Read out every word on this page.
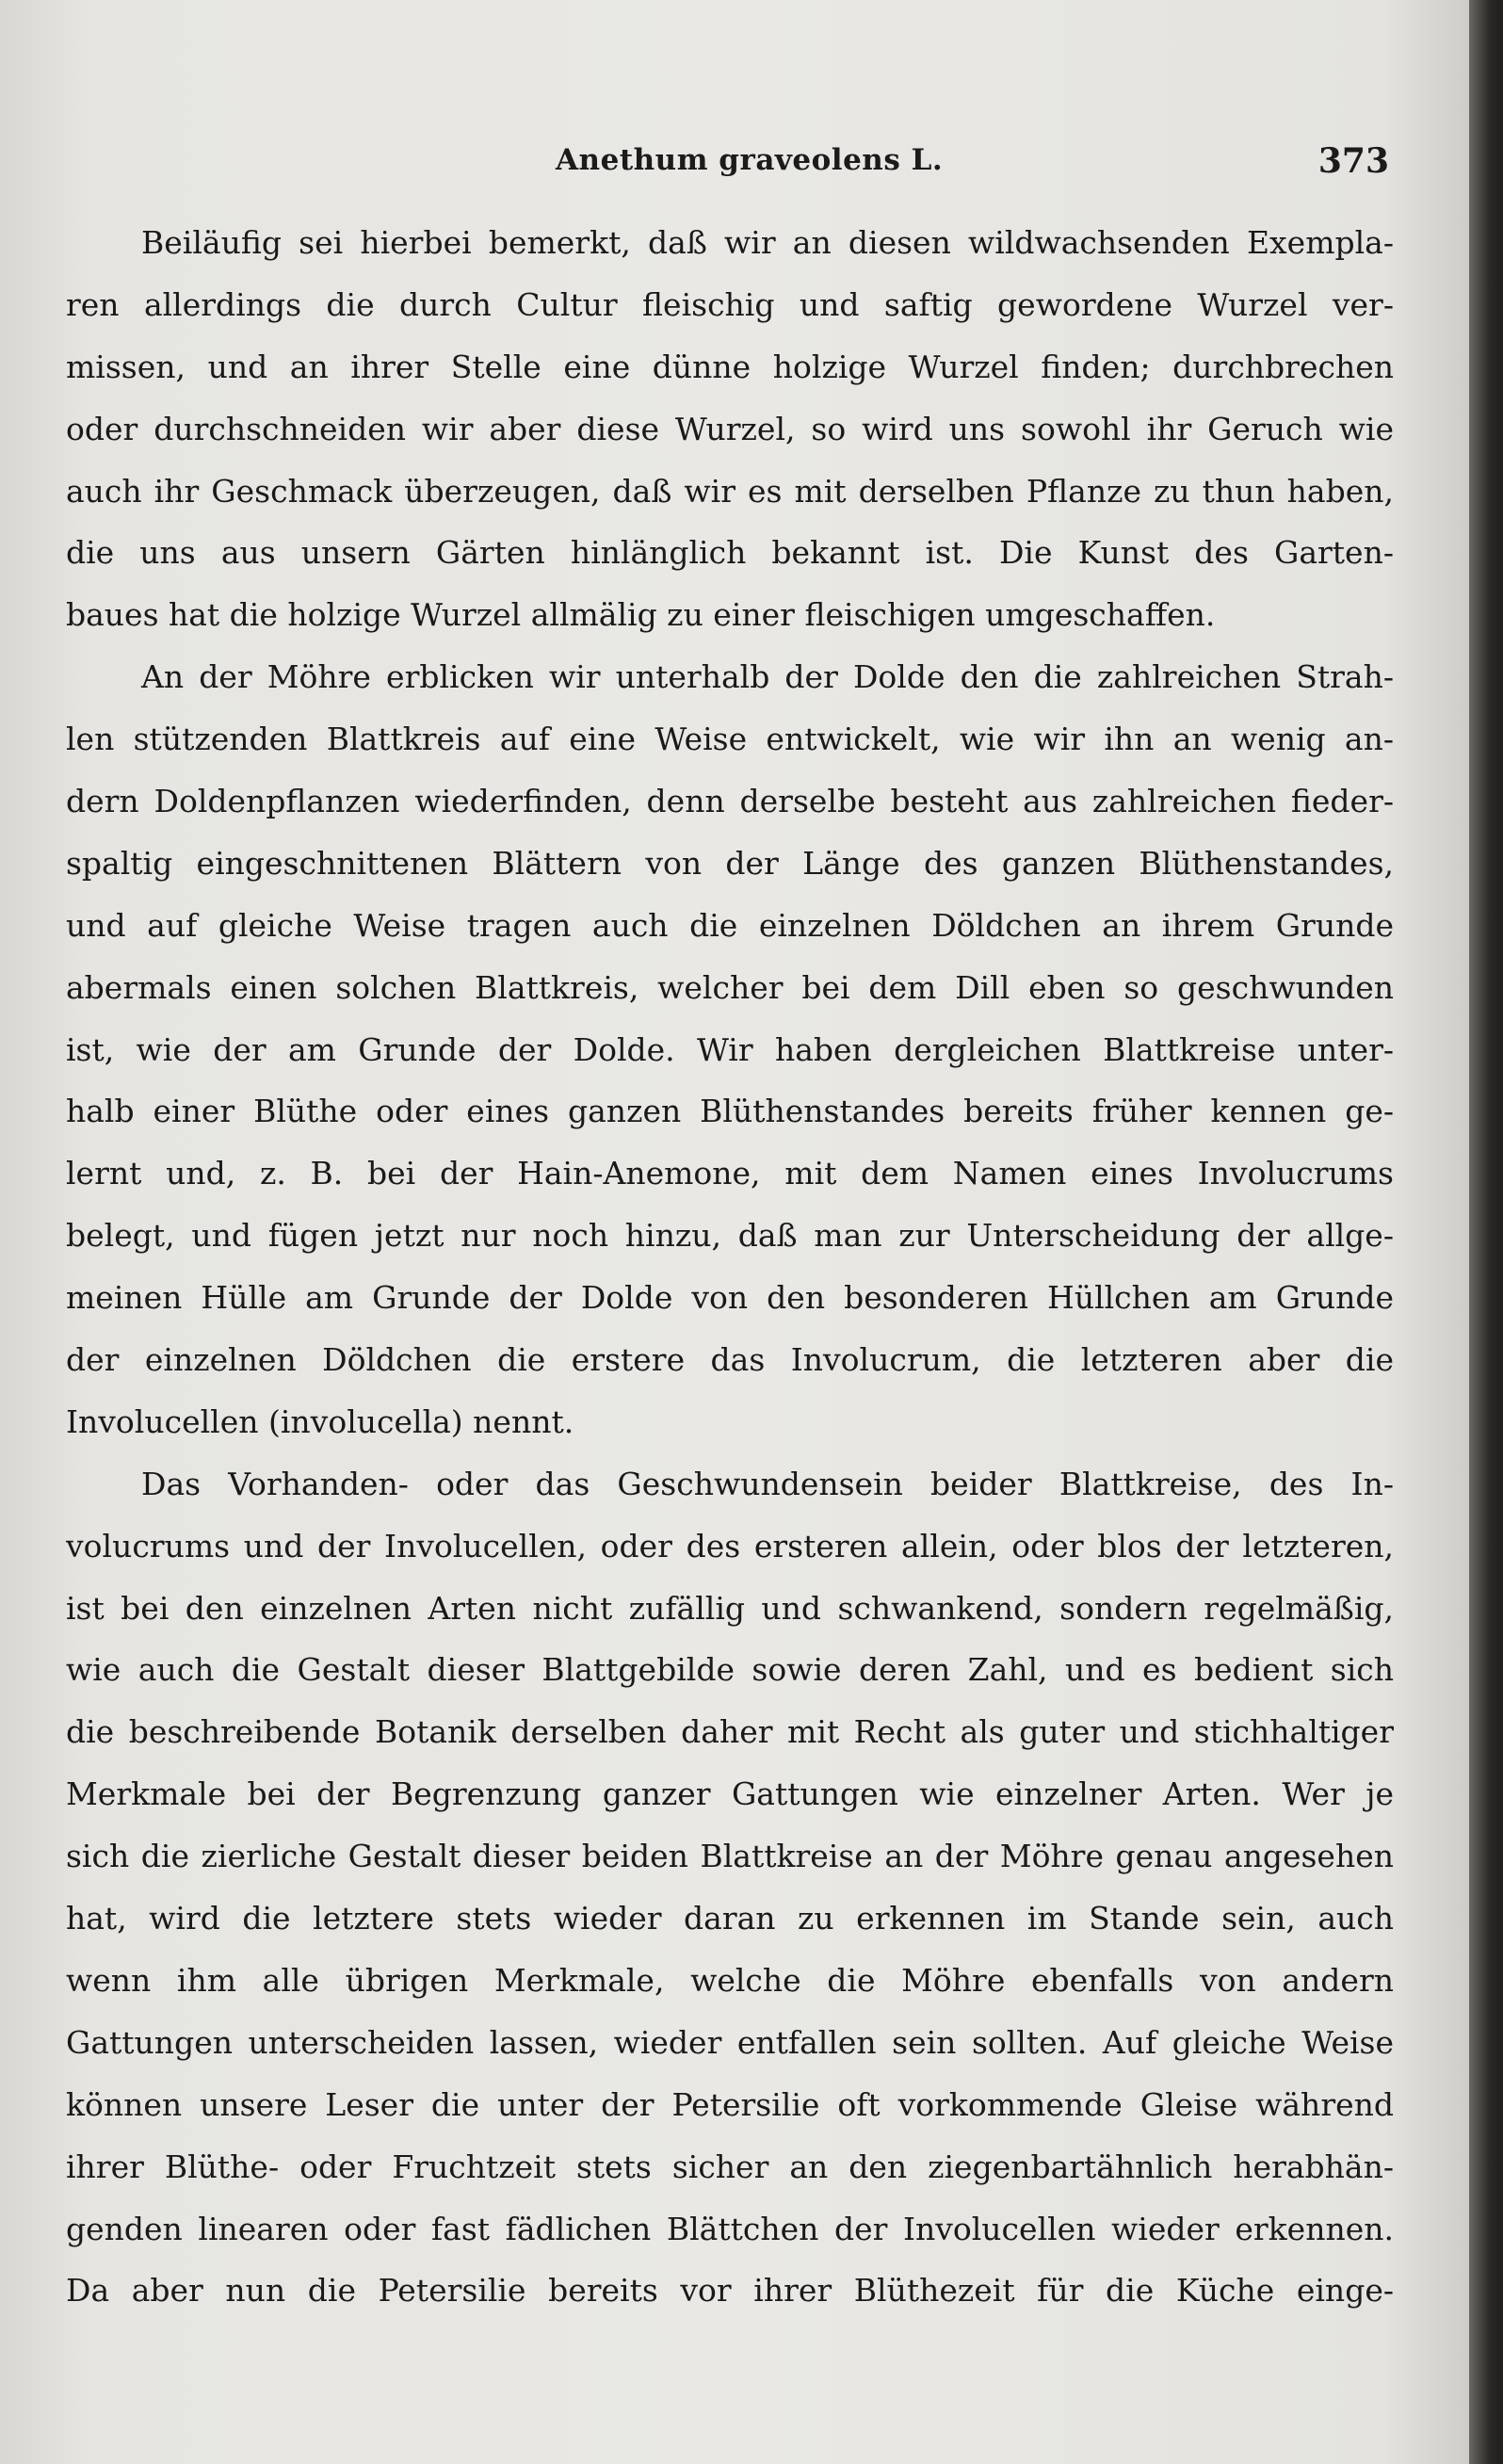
Anethum graveolens L.	373
Beiläufig sei hierbei bemerkt, daß wir an diesen wildwachsenden Exempla-
ren allerdings die durch Cultur fleischig und saftig gewordene Wurzel ver-
missen, und an ihrer Stelle eine dünne holzige Wurzel finden; durchbrechen
oder durchschneiden wir aber diese Wurzel, so wird uns sowohl ihr Geruch wie
auch ihr Geschmack überzeugen, daß wir es mit derselben Pflanze zu thun haben,
die uns aus unsern Gärten hinlänglich bekannt ist. Die Kunst des Garten-
baues hat die holzige Wurzel allmälig zu einer fleischigen umgeschaffen.
An der Möhre erblicken wir unterhalb der Dolde den die zahlreichen Strah-
len stützenden Blattkreis auf eine Weise entwickelt, wie wir ihn an wenig an-
dern Doldenpflanzen wiederfinden, denn derselbe besteht aus zahlreichen fieder-
spaltig eingeschnittenen Blättern von der Länge des ganzen Blüthenstandes,
und auf gleiche Weise tragen auch die einzelnen Döldchen an ihrem Grunde
abermals einen solchen Blattkreis, welcher bei dem Dill eben so geschwunden
ist, wie der am Grunde der Dolde. Wir haben dergleichen Blattkreise unter-
halb einer Blüthe oder eines ganzen Blüthenstandes bereits früher kennen ge-
lernt und, z. B. bei der Hain-Anemone, mit dem Namen eines Involucrums
belegt, und fügen jetzt nur noch hinzu, daß man zur Unterscheidung der allge-
meinen Hülle am Grunde der Dolde von den besonderen Hüllchen am Grunde
der einzelnen Döldchen die erstere das Involucrum, die letzteren aber die
Involucellen (involucella) nennt.
Das Vorhanden- oder das Geschwundensein beider Blattkreise, des In-
volucrums und der Involucellen, oder des ersteren allein, oder blos der letzteren,
ist bei den einzelnen Arten nicht zufällig und schwankend, sondern regelmäßig,
wie auch die Gestalt dieser Blattgebilde sowie deren Zahl, und es bedient sich
die beschreibende Botanik derselben daher mit Recht als guter und stichhaltiger
Merkmale bei der Begrenzung ganzer Gattungen wie einzelner Arten. Wer je
sich die zierliche Gestalt dieser beiden Blattkreise an der Möhre genau angesehen
hat, wird die letztere stets wieder daran zu erkennen im Stande sein, auch
wenn ihm alle übrigen Merkmale, welche die Möhre ebenfalls von andern
Gattungen unterscheiden lassen, wieder entfallen sein sollten. Auf gleiche Weise
können unsere Leser die unter der Petersilie oft vorkommende Gleise während
ihrer Blüthe- oder Fruchtzeit stets sicher an den ziegenbartähnlich herabhän-
genden linearen oder fast fädlichen Blättchen der Involucellen wieder erkennen.
Da aber nun die Petersilie bereits vor ihrer Blüthezeit für die Küche einge-
